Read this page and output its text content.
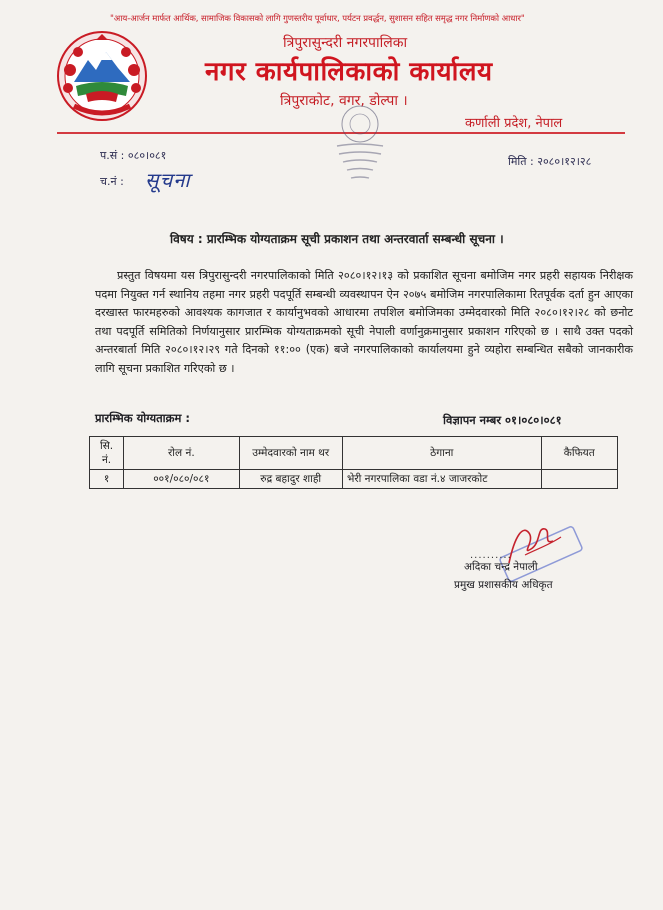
"आय-आर्जन मार्फत आर्थिक, सामाजिक विकासको लागि गुणस्तरीय पूर्वाधार, पर्यटन प्रवर्द्धन, सुशासन सहित समृद्ध नगर निर्माणको आधार"
त्रिपुरासुन्दरी नगरपालिका
नगर कार्यपालिकाको कार्यालय
त्रिपुराकोट, वगर, डोल्पा ।
कर्णाली प्रदेश, नेपाल
प.सं : ०८०।०८१
च.नं : सूचना
मिति : २०८०।१२।२८
विषय : प्रारम्भिक योग्यताक्रम सूची प्रकाशन तथा अन्तरवार्ता सम्बन्धी सूचना ।
प्रस्तुत विषयमा यस त्रिपुरासुन्दरी नगरपालिकाको मिति २०८०।१२।१३ को प्रकाशित सूचना बमोजिम नगर प्रहरी सहायक निरीक्षक पदमा नियुक्त गर्न स्थानिय तहमा नगर प्रहरी पदपूर्ति सम्बन्धी व्यवस्थापन ऐन २०७५ बमोजिम नगरपालिकामा रितपूर्वक दर्ता हुन आएका दरखास्त फारमहरुको आवश्यक कागजात र कार्यानुभवको आधारमा तपशिल बमोजिमका उम्मेदवारको मिति २०८०।१२।२८ को छनोट तथा पदपूर्ति समितिको निर्णयानुसार प्रारम्भिक योग्यताक्रमको सूची नेपाली वर्णानुक्रमानुसार प्रकाशन गरिएको छ । साथै उक्त पदको अन्तरबार्ता मिति २०८०।१२।२९ गते दिनको ११:०० (एक) बजे नगरपालिकाको कार्यालयमा हुने व्यहोरा सम्बन्धित सबैको जानकारीक लागि सूचना प्रकाशित गरिएको छ ।
प्रारम्भिक योग्यताक्रम :	विज्ञापन नम्बर ०१।०८०।०८१
सि. नं.	रोल नं.	उम्मेदवारको नाम थर	ठेगाना	कैफियत
१	००१/०८०/०८१	रुद्र बहादुर शाही	भेरी नगरपालिका वडा नं.४ जाजरकोट	
..........
अदिका चन्द्र नेपाली
प्रमुख प्रशासकीय अधिकृत
